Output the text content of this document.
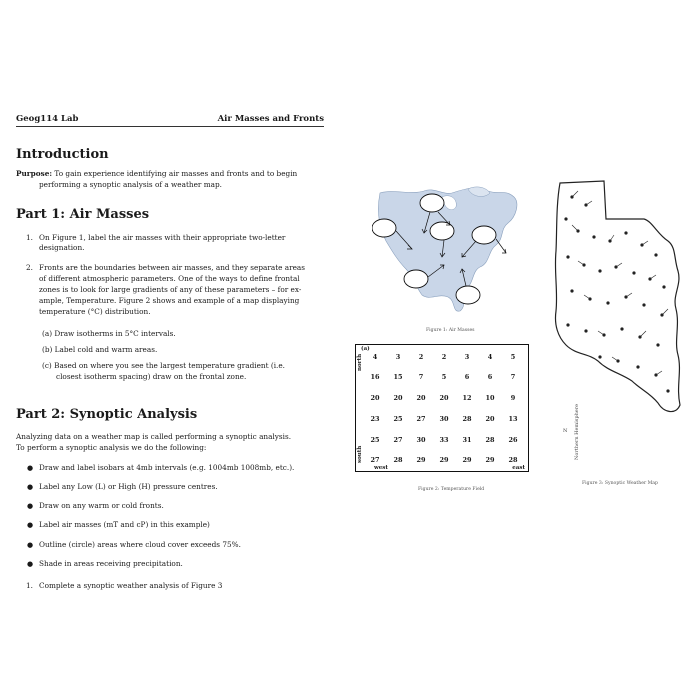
Geog114 Lab	Air Masses and Fronts
Introduction
Purpose: To gain experience identifying air masses and fronts and to begin
performing a synoptic analysis of a weather map.
Part 1: Air Masses
1. On Figure 1, label the air masses with their appropriate two-letter
designation.
2. Fronts are the boundaries between air masses, and they separate areas
of different atmospheric parameters. One of the ways to define frontal
zones is to look for large gradients of any of these parameters – for ex-
ample, Temperature. Figure 2 shows and example of a map displaying
temperature (°C) distribution.
(a) Draw isotherms in 5°C intervals.
(b) Label cold and warm areas.
(c) Based on where you see the largest temperature gradient (i.e.
closest isotherm spacing) draw on the frontal zone.
Part 2: Synoptic Analysis
Analyzing data on a weather map is called performing a synoptic analysis.
To perform a synoptic analysis we do the following:
● Draw and label isobars at 4mb intervals (e.g. 1004mb 1008mb, etc.).
● Label any Low (L) or High (H) pressure centres.
● Draw on any warm or cold fronts.
● Label air masses (mT and cP) in this example)
● Outline (circle) areas where cloud cover exceeds 75%.
● Shade in areas receiving precipitation.
1. Complete a synoptic weather analysis of Figure 3
Figure 1: Air Masses
(a)
north
south
west	east
4	3	2	2	3	4	5
16	15	7	5	6	6	7
20	20	20	20	12	10	9
23	25	27	30	28	20	13
25	27	30	33	31	28	26
27	28	29	29	29	29	28
Figure 2: Temperature Field
N Northern Hemisphere
Figure 3: Synoptic Weather Map
